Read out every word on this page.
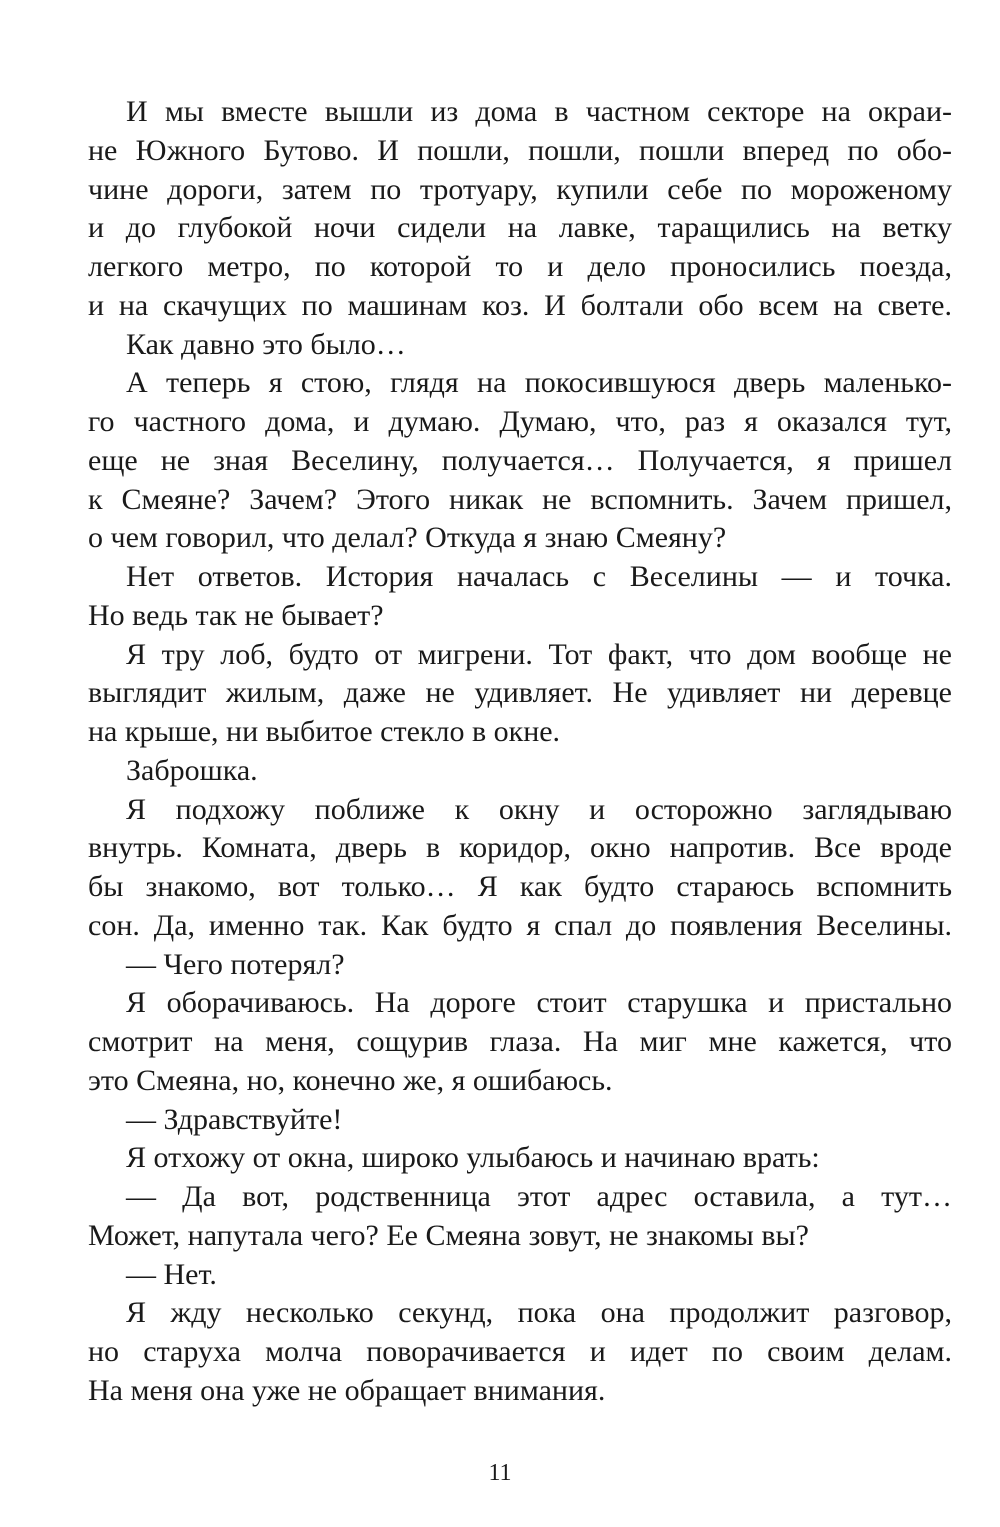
И мы вместе вышли из дома в частном секторе на окраи-
не Южного Бутово. И пошли, пошли, пошли вперед по обо-
чине дороги, затем по тротуару, купили себе по мороженому
и до глубокой ночи сидели на лавке, таращились на ветку
легкого метро, по которой то и дело проносились поезда,
и на скачущих по машинам коз. И болтали обо всем на свете.
Как давно это было…
А теперь я стою, глядя на покосившуюся дверь маленько-
го частного дома, и думаю. Думаю, что, раз я оказался тут,
еще не зная Веселину, получается… Получается, я пришел
к Смеяне? Зачем? Этого никак не вспомнить. Зачем пришел,
о чем говорил, что делал? Откуда я знаю Смеяну?
Нет ответов. История началась с Веселины — и точка.
Но ведь так не бывает?
Я тру лоб, будто от мигрени. Тот факт, что дом вообще не
выглядит жилым, даже не удивляет. Не удивляет ни деревце
на крыше, ни выбитое стекло в окне.
Заброшка.
Я подхожу поближе к окну и осторожно заглядываю
внутрь. Комната, дверь в коридор, окно напротив. Все вроде
бы знакомо, вот только… Я как будто стараюсь вспомнить
сон. Да, именно так. Как будто я спал до появления Веселины.
— Чего потерял?
Я оборачиваюсь. На дороге стоит старушка и пристально
смотрит на меня, сощурив глаза. На миг мне кажется, что
это Смеяна, но, конечно же, я ошибаюсь.
— Здравствуйте!
Я отхожу от окна, широко улыбаюсь и начинаю врать:
— Да вот, родственница этот адрес оставила, а тут…
Может, напутала чего? Ее Смеяна зовут, не знакомы вы?
— Нет.
Я жду несколько секунд, пока она продолжит разговор,
но старуха молча поворачивается и идет по своим делам.
На меня она уже не обращает внимания.
11
